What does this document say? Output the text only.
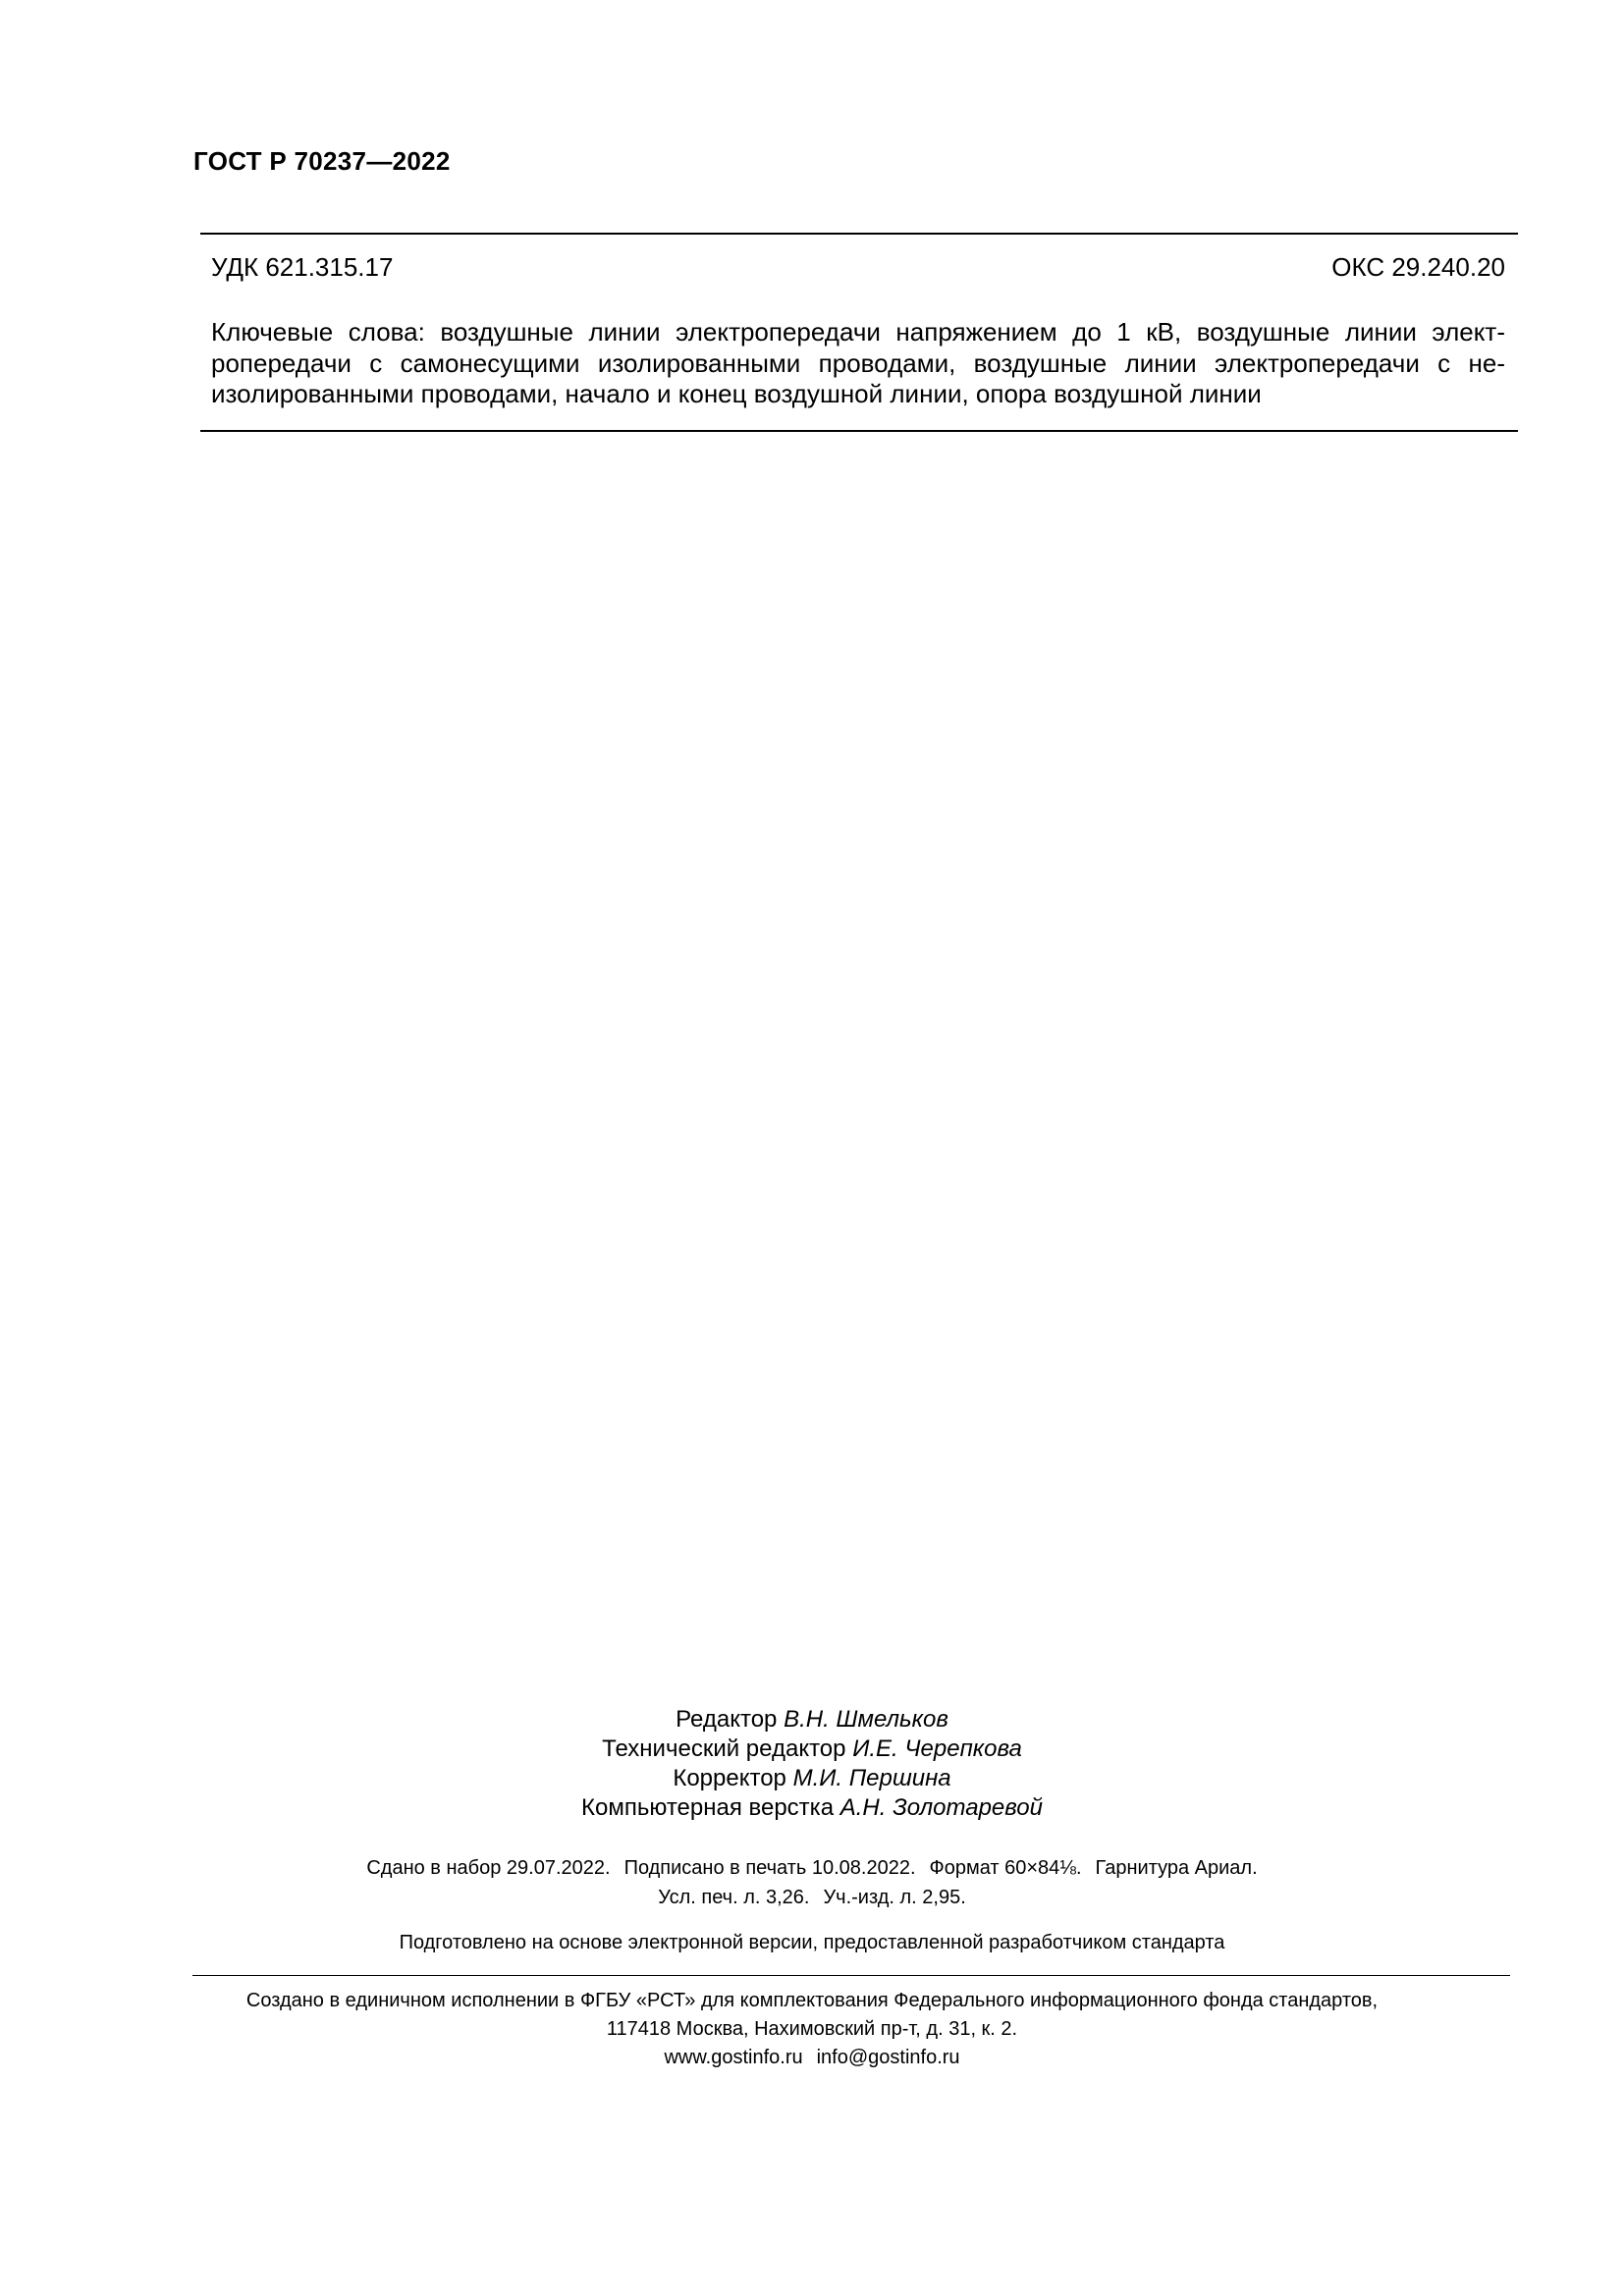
ГОСТ Р 70237—2022
УДК 621.315.17	ОКС 29.240.20
Ключевые слова: воздушные линии электропередачи напряжением до 1 кВ, воздушные линии элект-
ропередачи с самонесущими изолированными проводами, воздушные линии электропередачи с не-
изолированными проводами, начало и конец воздушной линии, опора воздушной линии
Редактор В.Н. Шмельков
Технический редактор И.Е. Черепкова
Корректор М.И. Першина
Компьютерная верстка А.Н. Золотаревой
Сдано в набор 29.07.2022. Подписано в печать 10.08.2022. Формат 60×84⅛. Гарнитура Ариал.
Усл. печ. л. 3,26. Уч.-изд. л. 2,95.
Подготовлено на основе электронной версии, предоставленной разработчиком стандарта
Создано в единичном исполнении в ФГБУ «РСТ» для комплектования Федерального информационного фонда стандартов,
117418 Москва, Нахимовский пр-т, д. 31, к. 2.
www.gostinfo.ru info@gostinfo.ru
